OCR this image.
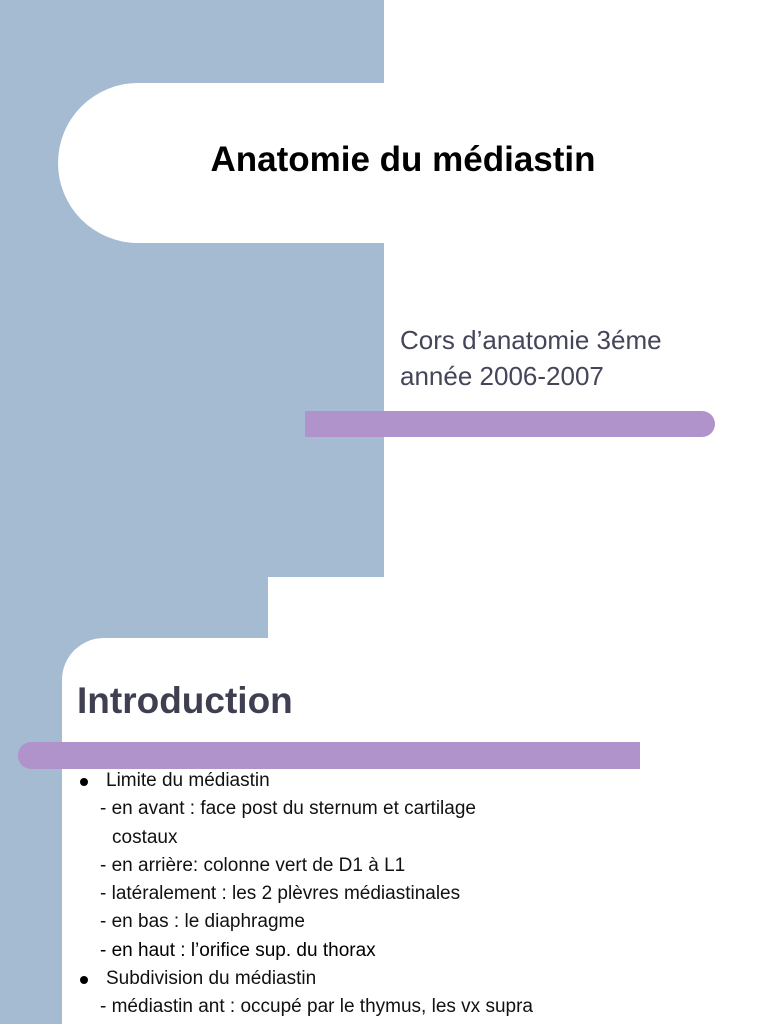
Anatomie du médiastin
Cors d’anatomie 3éme
année 2006-2007
Introduction
Limite du médiastin
- en avant : face post du sternum et cartilage
costaux
- en arrière: colonne vert de D1 à L1
- latéralement : les 2 plèvres médiastinales
- en bas : le diaphragme
- en haut : l’orifice sup. du thorax
Subdivision du médiastin
- médiastin ant : occupé par le thymus, les vx supra
